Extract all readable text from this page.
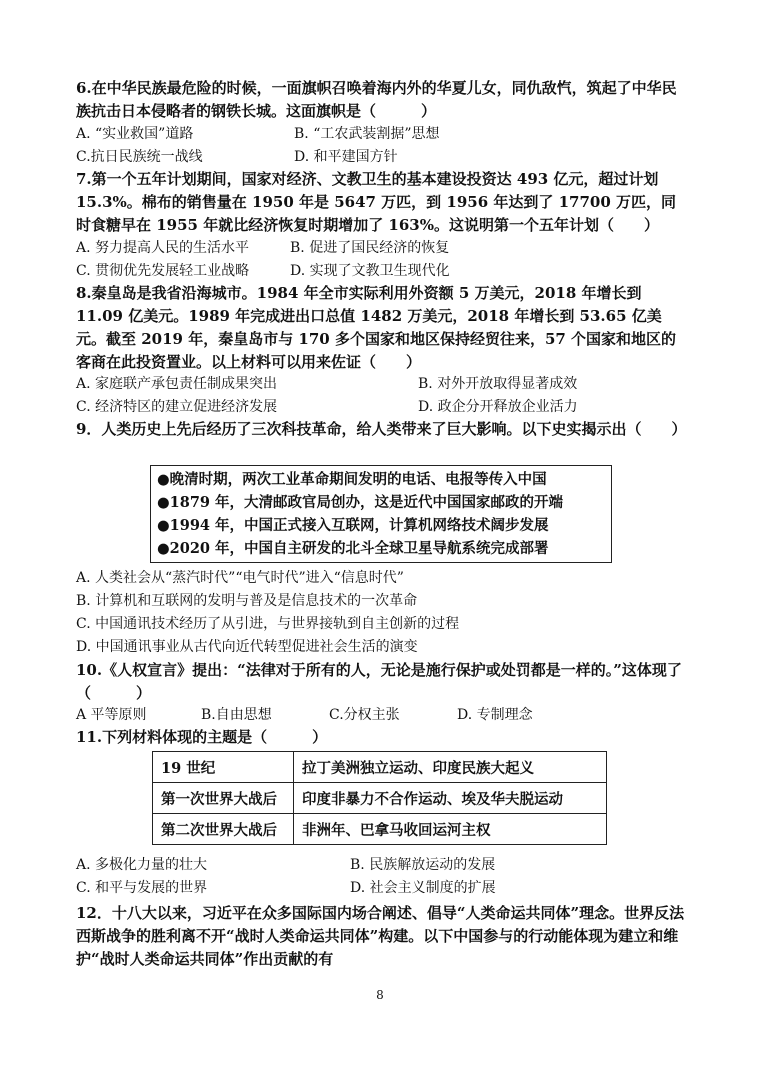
6.在中华民族最危险的时候，一面旗帜召唤着海内外的华夏儿女，同仇敌忾，筑起了中华民族抗击日本侵略者的钢铁长城。这面旗帜是（　　　）
A. “实业救国”道路	B. “工农武装割据”思想
C.抗日民族统一战线	D. 和平建国方针
7.第一个五年计划期间，国家对经济、文教卫生的基本建设投资达 493 亿元，超过计划 15.3%。棉布的销售量在 1950 年是 5647 万匹，到 1956 年达到了 17700 万匹，同时食糖早在 1955 年就比经济恢复时期增加了 163%。这说明第一个五年计划（　　）
A. 努力提高人民的生活水平	B. 促进了国民经济的恢复
C. 贯彻优先发展轻工业战略	D. 实现了文教卫生现代化
8.秦皇岛是我省沿海城市。1984 年全市实际利用外资额 5 万美元，2018 年增长到 11.09 亿美元。1989 年完成进出口总值 1482 万美元，2018 年增长到 53.65 亿美元。截至 2019 年，秦皇岛市与 170 多个国家和地区保持经贸往来，57 个国家和地区的客商在此投资置业。以上材料可以用来佐证（　　）
A. 家庭联产承包责任制成果突出	B. 对外开放取得显著成效
C. 经济特区的建立促进经济发展	D. 政企分开释放企业活力
9．人类历史上先后经历了三次科技革命，给人类带来了巨大影响。以下史实揭示出（　　）
●晚清时期，两次工业革命期间发明的电话、电报等传入中国
●1879 年，大清邮政官局创办，这是近代中国国家邮政的开端
●1994 年，中国正式接入互联网，计算机网络技术阔步发展
●2020 年，中国自主研发的北斗全球卫星导航系统完成部署
A. 人类社会从“蒸汽时代”“电气时代”进入“信息时代”
B. 计算机和互联网的发明与普及是信息技术的一次革命
C. 中国通讯技术经历了从引进，与世界接轨到自主创新的过程
D. 中国通讯事业从古代向近代转型促进社会生活的演变
10.《人权宣言》提出：“法律对于所有的人，无论是施行保护或处罚都是一样的。”这体现了（　　　）
A 平等原则	B.自由思想	C.分权主张	D. 专制理念
11.下列材料体现的主题是（　　　）
19 世纪	拉丁美洲独立运动、印度民族大起义
第一次世界大战后	印度非暴力不合作运动、埃及华夫脱运动
第二次世界大战后	非洲年、巴拿马收回运河主权
A. 多极化力量的壮大	B. 民族解放运动的发展
C. 和平与发展的世界	D. 社会主义制度的扩展
12．十八大以来，习近平在众多国际国内场合阐述、倡导“人类命运共同体”理念。世界反法西斯战争的胜利离不开“战时人类命运共同体”构建。以下中国参与的行动能体现为建立和维护“战时人类命运共同体”作出贡献的有
8
